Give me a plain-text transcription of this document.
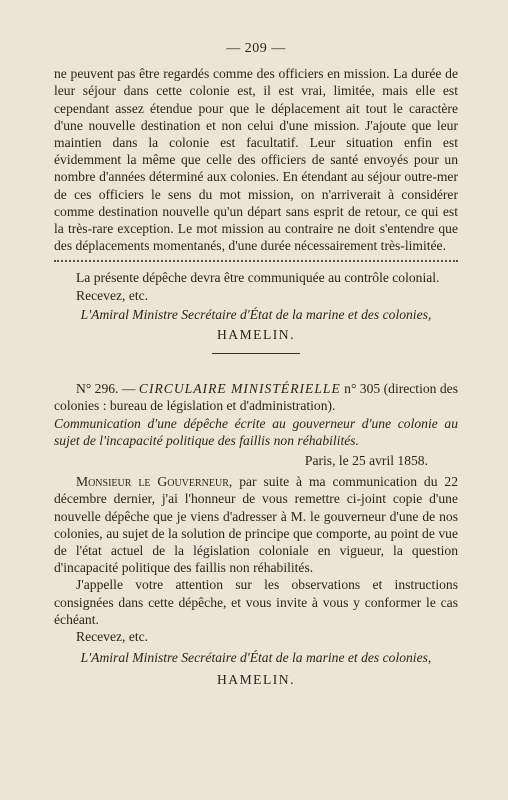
— 209 —

ne peuvent pas être regardés comme des officiers en mission. La durée de leur séjour dans cette colonie est, il est vrai, limitée, mais elle est cependant assez étendue pour que le déplacement ait tout le caractère d'une nouvelle destination et non celui d'une mission. J'ajoute que leur maintien dans la colonie est facultatif. Leur situation enfin est évidemment la même que celle des officiers de santé envoyés pour un nombre d'années déterminé aux colonies. En étendant au séjour outre-mer de ces officiers le sens du mot mission, on n'arriverait à considérer comme destination nouvelle qu'un départ sans esprit de retour, ce qui est la très-rare exception. Le mot mission au contraire ne doit s'entendre que des déplacements momentanés, d'une durée nécessairement très-limitée.

La présente dépêche devra être communiquée au contrôle colonial.

Recevez, etc.

L'Amiral Ministre Secrétaire d'État de la marine et des colonies,
HAMELIN.

N° 296. — CIRCULAIRE MINISTÉRIELLE n° 305 (direction des colonies : bureau de législation et d'administration).

Communication d'une dépêche écrite au gouverneur d'une colonie au sujet de l'incapacité politique des faillis non réhabilités.

Paris, le 25 avril 1858.

Monsieur le Gouverneur, par suite à ma communication du 22 décembre dernier, j'ai l'honneur de vous remettre ci-joint copie d'une nouvelle dépêche que je viens d'adresser à M. le gouverneur d'une de nos colonies, au sujet de la solution de principe que comporte, au point de vue de l'état actuel de la législation coloniale en vigueur, la question d'incapacité politique des faillis non réhabilités.

J'appelle votre attention sur les observations et instructions consignées dans cette dépêche, et vous invite à vous y conformer le cas échéant.

Recevez, etc.

L'Amiral Ministre Secrétaire d'État de la marine et des colonies,
HAMELIN.
